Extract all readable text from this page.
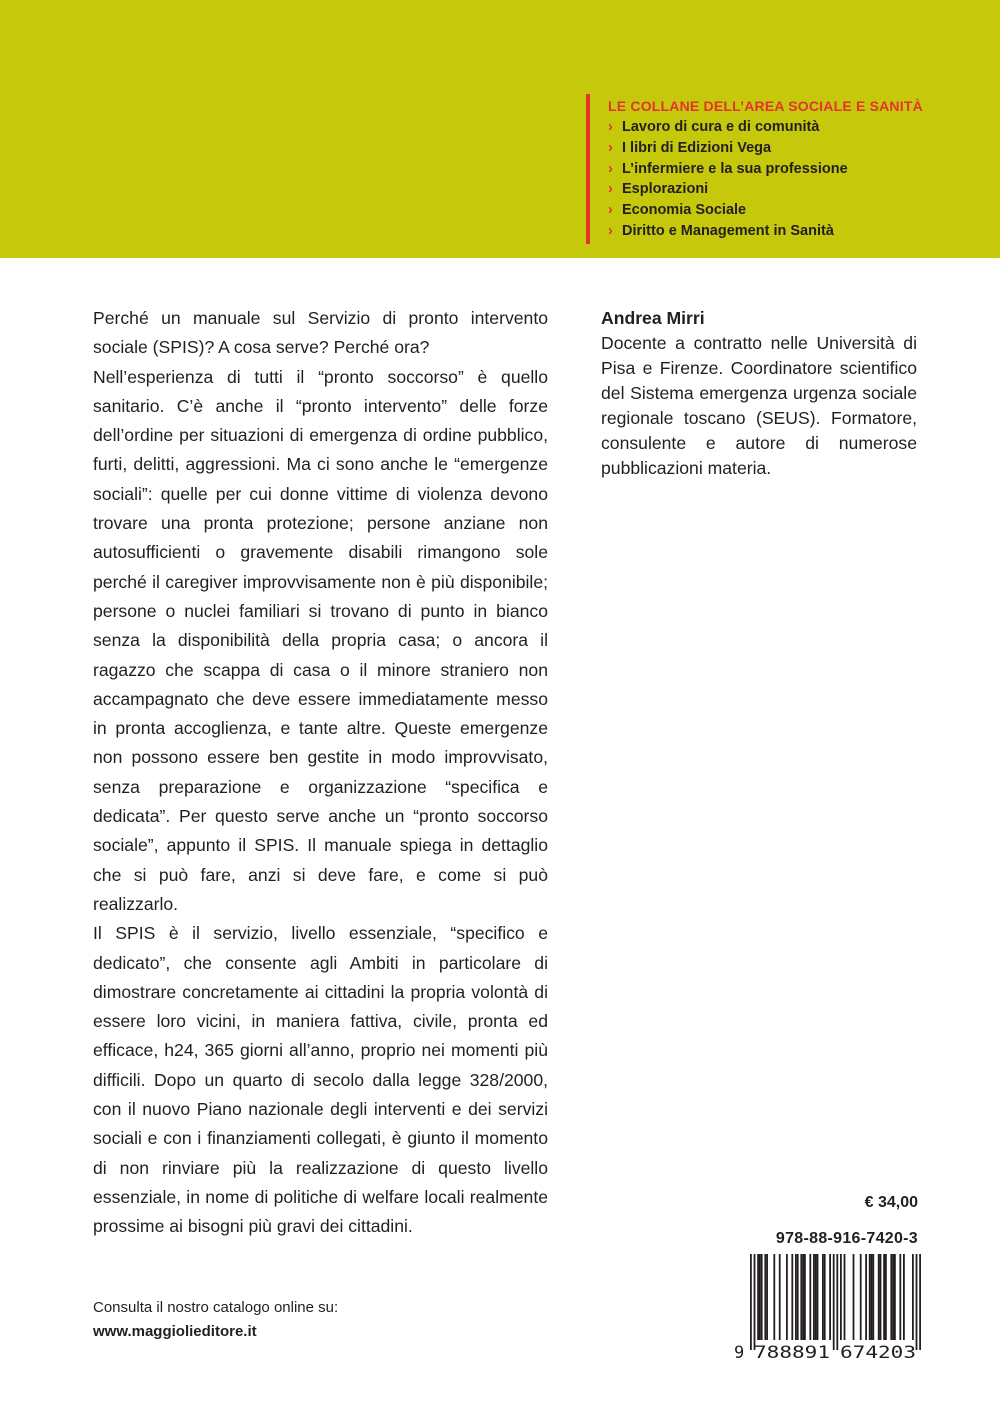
LE COLLANE DELL’AREA SOCIALE E SANITÀ
› Lavoro di cura e di comunità
› I libri di Edizioni Vega
› L’infermiere e la sua professione
› Esplorazioni
› Economia Sociale
› Diritto e Management in Sanità

Perché un manuale sul Servizio di pronto intervento sociale (SPIS)? A cosa serve? Perché ora?

Nell’esperienza di tutti il “pronto soccorso” è quello sanitario. C’è anche il “pronto intervento” delle forze dell’ordine per situazioni di emergenza di ordine pubblico, furti, delitti, aggressioni. Ma ci sono anche le “emergenze sociali”: quelle per cui donne vittime di violenza devono trovare una pronta protezione; persone anziane non autosufficienti o gravemente disabili rimangono sole perché il caregiver improvvisamente non è più disponibile; persone o nuclei familiari si trovano di punto in bianco senza la disponibilità della propria casa; o ancora il ragazzo che scappa di casa o il minore straniero non accampagnato che deve essere immediatamente messo in pronta accoglienza, e tante altre. Queste emergenze non possono essere ben gestite in modo improvvisato, senza preparazione e organizzazione “specifica e dedicata”. Per questo serve anche un “pronto soccorso sociale”, appunto il SPIS. Il manuale spiega in dettaglio che si può fare, anzi si deve fare, e come si può realizzarlo.

Il SPIS è il servizio, livello essenziale, “specifico e dedicato”, che consente agli Ambiti in particolare di dimostrare concretamente ai cittadini la propria volontà di essere loro vicini, in maniera fattiva, civile, pronta ed efficace, h24, 365 giorni all’anno, proprio nei momenti più difficili. Dopo un quarto di secolo dalla legge 328/2000, con il nuovo Piano nazionale degli interventi e dei servizi sociali e con i finanziamenti collegati, è giunto il momento di non rinviare più la realizzazione di questo livello essenziale, in nome di politiche di welfare locali realmente prossime ai bisogni più gravi dei cittadini.

Andrea Mirri
Docente a contratto nelle Università di Pisa e Firenze. Coordinatore scientifico del Sistema emergenza urgenza sociale regionale toscano (SEUS). Formatore, consulente e autore di numerose pubblicazioni materia.
Consulta il nostro catalogo online su:
www.maggiolieditore.it
€ 34,00
978-88-916-7420-3
9 788891 674203
